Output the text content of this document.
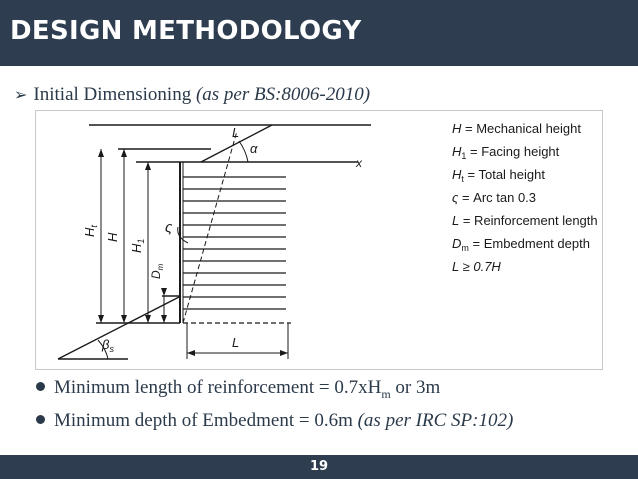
DESIGN METHODOLOGY
➢ Initial Dimensioning (as per BS:8006-2010)
$H_t$
H
$H_1$
$D_m$
ς
L
α
x
$\beta_s$	L
H = Mechanical height
$H_1$ = Facing height
$H_t$ = Total height
ς = Arc tan 0.3
L = Reinforcement length
$D_m$ = Embedment depth
L ≥ 0.7H
Minimum length of reinforcement = $0.7xH_m$ or 3m
Minimum depth of Embedment = 0.6m (as per IRC SP:102)
19
